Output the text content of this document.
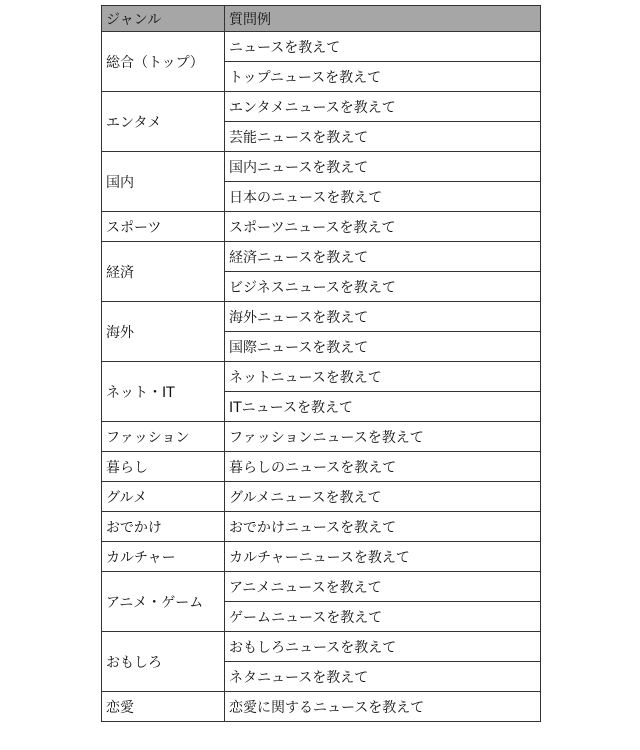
ジャンル	質問例
総合（トップ）	ニュースを教えて
	トップニュースを教えて
エンタメ	エンタメニュースを教えて
	芸能ニュースを教えて
国内	国内ニュースを教えて
	日本のニュースを教えて
スポーツ	スポーツニュースを教えて
経済	経済ニュースを教えて
	ビジネスニュースを教えて
海外	海外ニュースを教えて
	国際ニュースを教えて
ネット・IT	ネットニュースを教えて
	ITニュースを教えて
ファッション	ファッションニュースを教えて
暮らし	暮らしのニュースを教えて
グルメ	グルメニュースを教えて
おでかけ	おでかけニュースを教えて
カルチャー	カルチャーニュースを教えて
アニメ・ゲーム	アニメニュースを教えて
	ゲームニュースを教えて
おもしろ	おもしろニュースを教えて
	ネタニュースを教えて
恋愛	恋愛に関するニュースを教えて
